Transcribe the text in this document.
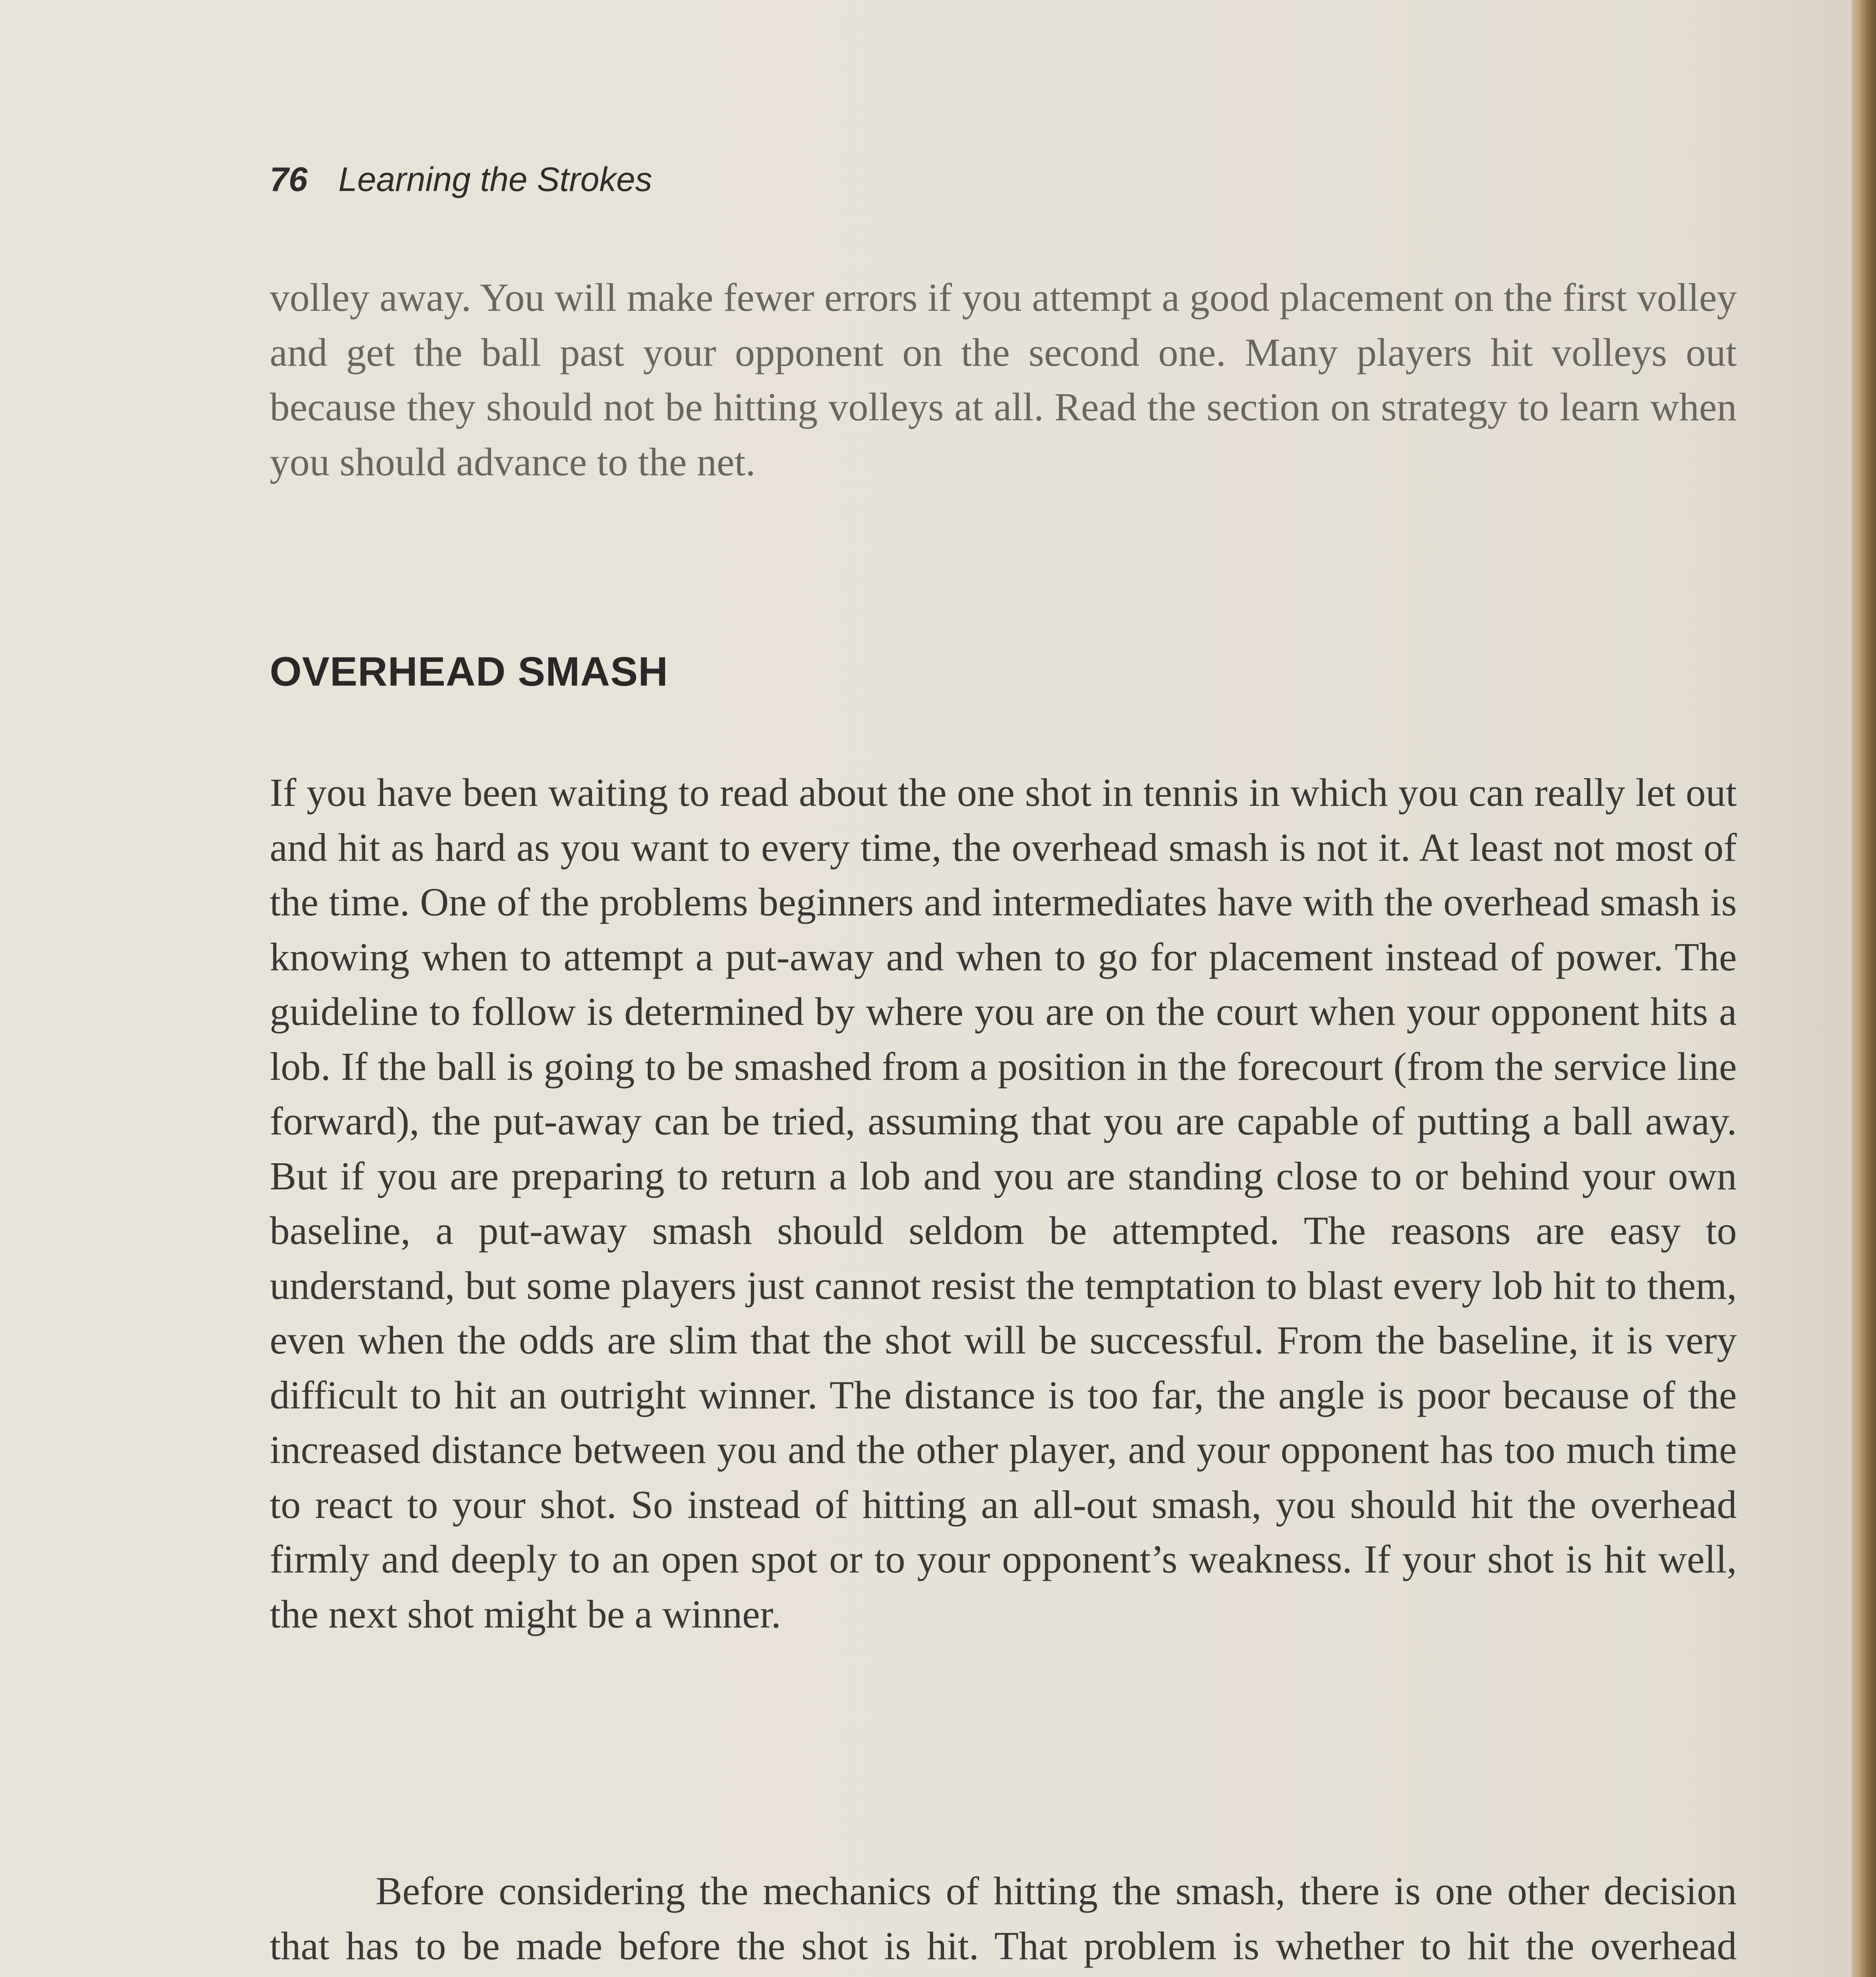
76 Learning the Strokes

volley away. You will make fewer errors if you attempt a good placement on the first volley and get the ball past your opponent on the second one. Many players hit volleys out because they should not be hitting volleys at all. Read the section on strategy to learn when you should advance to the net.

OVERHEAD SMASH

If you have been waiting to read about the one shot in tennis in which you can really let out and hit as hard as you want to every time, the overhead smash is not it. At least not most of the time. One of the problems beginners and intermediates have with the overhead smash is knowing when to attempt a put-away and when to go for placement instead of power. The guideline to follow is determined by where you are on the court when your opponent hits a lob. If the ball is going to be smashed from a position in the forecourt (from the service line forward), the put-away can be tried, assuming that you are capable of putting a ball away. But if you are preparing to return a lob and you are standing close to or behind your own baseline, a put-away smash should seldom be attempted. The reasons are easy to understand, but some players just cannot resist the temptation to blast every lob hit to them, even when the odds are slim that the shot will be successful. From the baseline, it is very difficult to hit an outright winner. The distance is too far, the angle is poor because of the increased distance between you and the other player, and your opponent has too much time to react to your shot. So instead of hitting an all-out smash, you should hit the overhead firmly and deeply to an open spot or to your opponent’s weakness. If your shot is hit well, the next shot might be a winner.

Before considering the mechanics of hitting the smash, there is one other decision that has to be made before the shot is hit. That problem is whether to hit the overhead
